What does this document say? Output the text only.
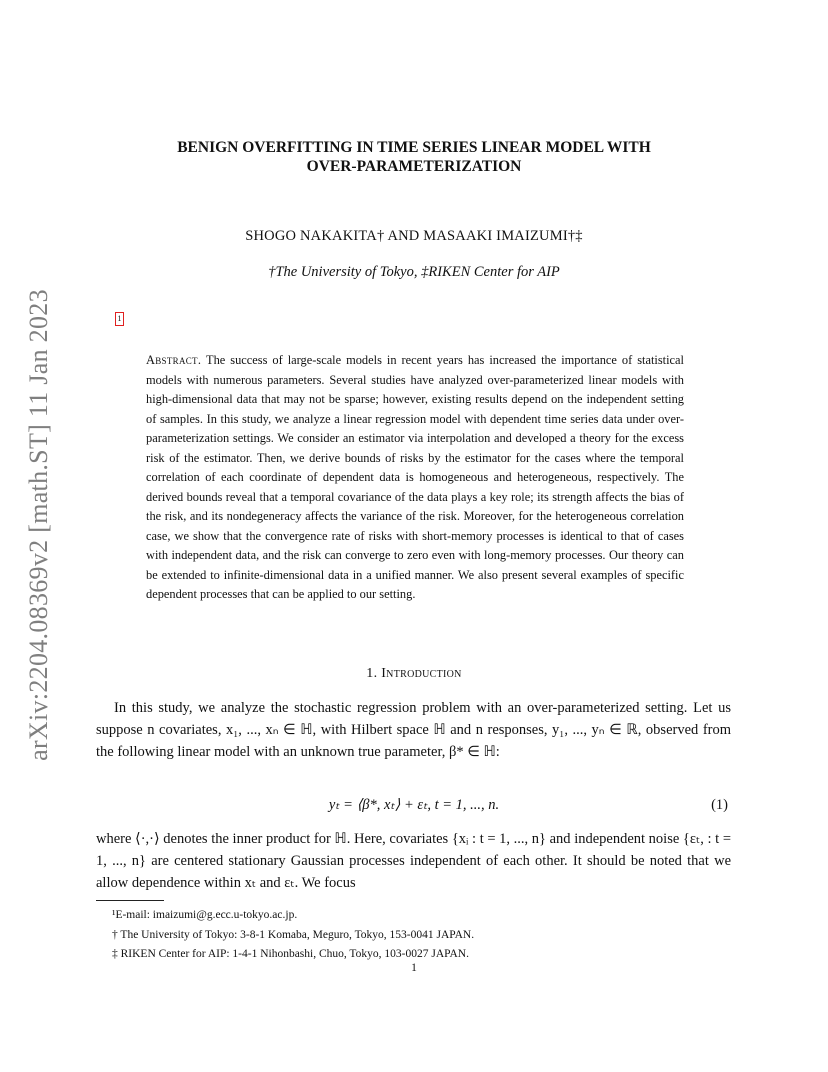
arXiv:2204.08369v2 [math.ST] 11 Jan 2023
BENIGN OVERFITTING IN TIME SERIES LINEAR MODEL WITH
OVER-PARAMETERIZATION
SHOGO NAKAKITA† AND MASAAKI IMAIZUMI†‡
†The University of Tokyo, ‡RIKEN Center for AIP
1
Abstract. The success of large-scale models in recent years has increased the importance of statistical models with numerous parameters. Several studies have analyzed over-parameterized linear models with high-dimensional data that may not be sparse; however, existing results depend on the independent setting of samples. In this study, we analyze a linear regression model with dependent time series data under over-parameterization settings. We consider an estimator via interpolation and developed a theory for the excess risk of the estimator. Then, we derive bounds of risks by the estimator for the cases where the temporal correlation of each coordinate of dependent data is homogeneous and heterogeneous, respectively. The derived bounds reveal that a temporal covariance of the data plays a key role; its strength affects the bias of the risk, and its nondegeneracy affects the variance of the risk. Moreover, for the heterogeneous correlation case, we show that the convergence rate of risks with short-memory processes is identical to that of cases with independent data, and the risk can converge to zero even with long-memory processes. Our theory can be extended to infinite-dimensional data in a unified manner. We also present several examples of specific dependent processes that can be applied to our setting.
1. Introduction
In this study, we analyze the stochastic regression problem with an over-parameterized setting. Let us suppose n covariates, x₁, ..., xₙ ∈ ℍ, with Hilbert space ℍ and n responses, y₁, ..., yₙ ∈ ℝ, observed from the following linear model with an unknown true parameter, β* ∈ ℍ:
yₜ = ⟨β*, xₜ⟩ + εₜ, t = 1, ..., n.	(1)
where ⟨·,·⟩ denotes the inner product for ℍ. Here, covariates {xᵢ : t = 1, ..., n} and independent noise {εₜ, : t = 1, ..., n} are centered stationary Gaussian processes independent of each other. It should be noted that we allow dependence within xₜ and εₜ. We focus
¹E-mail: imaizumi@g.ecc.u-tokyo.ac.jp.
† The University of Tokyo: 3-8-1 Komaba, Meguro, Tokyo, 153-0041 JAPAN.
‡ RIKEN Center for AIP: 1-4-1 Nihonbashi, Chuo, Tokyo, 103-0027 JAPAN.
1
